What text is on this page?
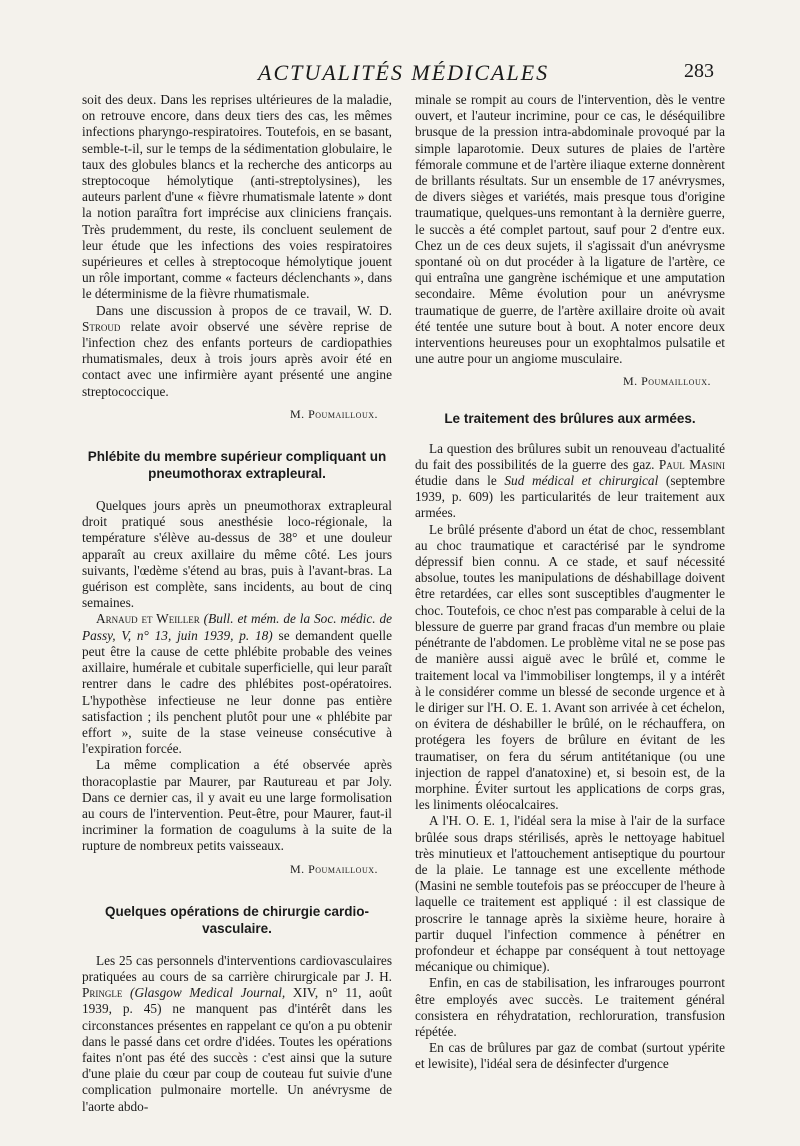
ACTUALITÉS MÉDICALES	283

soit des deux. Dans les reprises ultérieures de la maladie, on retrouve encore, dans deux tiers des cas, les mêmes infections pharyngo-respiratoires. Toutefois, en se basant, semble-t-il, sur le temps de la sédimentation globulaire, le taux des globules blancs et la recherche des anticorps au streptocoque hémolytique (anti-streptolysines), les auteurs parlent d'une « fièvre rhumatismale latente » dont la notion paraîtra fort imprécise aux cliniciens français. Très prudemment, du reste, ils concluent seulement de leur étude que les infections des voies respiratoires supérieures et celles à streptocoque hémolytique jouent un rôle important, comme « facteurs déclenchants », dans le déterminisme de la fièvre rhumatismale.

Dans une discussion à propos de ce travail, W. D. Stroud relate avoir observé une sévère reprise de l'infection chez des enfants porteurs de cardiopathies rhumatismales, deux à trois jours après avoir été en contact avec une infirmière ayant présenté une angine streptococcique.

M. Poumailloux.
Phlébite du membre supérieur compliquant un pneumothorax extrapleural.

Quelques jours après un pneumothorax extrapleural droit pratiqué sous anesthésie loco-régionale, la température s'élève au-dessus de 38° et une douleur apparaît au creux axillaire du même côté. Les jours suivants, l'œdème s'étend au bras, puis à l'avant-bras. La guérison est complète, sans incidents, au bout de cinq semaines.

Arnaud et Weiller (Bull. et mém. de la Soc. médic. de Passy, V, n° 13, juin 1939, p. 18) se demandent quelle peut être la cause de cette phlébite probable des veines axillaire, humérale et cubitale superficielle, qui leur paraît rentrer dans le cadre des phlébites post-opératoires. L'hypothèse infectieuse ne leur donne pas entière satisfaction ; ils penchent plutôt pour une « phlébite par effort », suite de la stase veineuse consécutive à l'expiration forcée.

La même complication a été observée après thoracoplastie par Maurer, par Rautureau et par Joly. Dans ce dernier cas, il y avait eu une large formolisation au cours de l'intervention. Peut-être, pour Maurer, faut-il incriminer la formation de coagulums à la suite de la rupture de nombreux petits vaisseaux.

M. Poumailloux.
Quelques opérations de chirurgie cardio-vasculaire.

Les 25 cas personnels d'interventions cardiovasculaires pratiquées au cours de sa carrière chirurgicale par J. H. Pringle (Glasgow Medical Journal, XIV, n° 11, août 1939, p. 45) ne manquent pas d'intérêt dans les circonstances présentes en rappelant ce qu'on a pu obtenir dans le passé dans cet ordre d'idées. Toutes les opérations faites n'ont pas été des succès : c'est ainsi que la suture d'une plaie du cœur par coup de couteau fut suivie d'une complication pulmonaire mortelle. Un anévrysme de l'aorte abdo-

minale se rompit au cours de l'intervention, dès le ventre ouvert, et l'auteur incrimine, pour ce cas, le déséquilibre brusque de la pression intra-abdominale provoqué par la simple laparotomie. Deux sutures de plaies de l'artère fémorale commune et de l'artère iliaque externe donnèrent de brillants résultats. Sur un ensemble de 17 anévrysmes, de divers sièges et variétés, mais presque tous d'origine traumatique, quelques-uns remontant à la dernière guerre, le succès a été complet partout, sauf pour 2 d'entre eux. Chez un de ces deux sujets, il s'agissait d'un anévrysme spontané où on dut procéder à la ligature de l'artère, ce qui entraîna une gangrène ischémique et une amputation secondaire. Même évolution pour un anévrysme traumatique de guerre, de l'artère axillaire droite où avait été tentée une suture bout à bout. A noter encore deux interventions heureuses pour un exophtalmos pulsatile et une autre pour un angiome musculaire.

M. Poumailloux.
Le traitement des brûlures aux armées.

La question des brûlures subit un renouveau d'actualité du fait des possibilités de la guerre des gaz. Paul Masini étudie dans le Sud médical et chirurgical (septembre 1939, p. 609) les particularités de leur traitement aux armées.

Le brûlé présente d'abord un état de choc, ressemblant au choc traumatique et caractérisé par le syndrome dépressif bien connu. A ce stade, et sauf nécessité absolue, toutes les manipulations de déshabillage doivent être retardées, car elles sont susceptibles d'augmenter le choc. Toutefois, ce choc n'est pas comparable à celui de la blessure de guerre par grand fracas d'un membre ou plaie pénétrante de l'abdomen. Le problème vital ne se pose pas de manière aussi aiguë avec le brûlé et, comme le traitement local va l'immobiliser longtemps, il y a intérêt à le considérer comme un blessé de seconde urgence et à le diriger sur l'H. O. E. 1. Avant son arrivée à cet échelon, on évitera de déshabiller le brûlé, on le réchauffera, on protégera les foyers de brûlure en évitant de les traumatiser, on fera du sérum antitétanique (ou une injection de rappel d'anatoxine) et, si besoin est, de la morphine. Éviter surtout les applications de corps gras, les liniments oléocalcaires.

A l'H. O. E. 1, l'idéal sera la mise à l'air de la surface brûlée sous draps stérilisés, après le nettoyage habituel très minutieux et l'attouchement antiseptique du pourtour de la plaie. Le tannage est une excellente méthode (Masini ne semble toutefois pas se préoccuper de l'heure à laquelle ce traitement est appliqué : il est classique de proscrire le tannage après la sixième heure, horaire à partir duquel l'infection commence à pénétrer en profondeur et échappe par conséquent à tout nettoyage mécanique ou chimique).

Enfin, en cas de stabilisation, les infrarouges pourront être employés avec succès. Le traitement général consistera en réhydratation, rechloruration, transfusion répétée.

En cas de brûlures par gaz de combat (surtout ypérite et lewisite), l'idéal sera de désinfecter d'urgence
